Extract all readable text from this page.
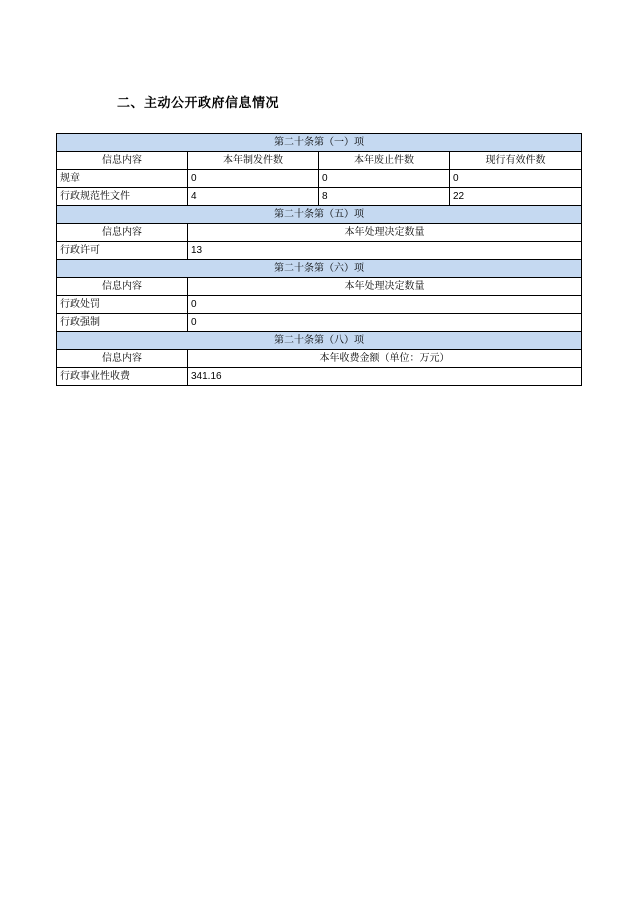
二、主动公开政府信息情况
第二十条第（一）项			
信息内容	本年制发件数	本年废止件数	现行有效件数
规章	0	0	0
行政规范性文件	4	8	22
第二十条第（五）项			
信息内容	本年处理决定数量		
行政许可	13		
第二十条第（六）项			
信息内容	本年处理决定数量		
行政处罚	0		
行政强制	0		
第二十条第（八）项			
信息内容	本年收费金额（单位：万元）		
行政事业性收费	341.16		
